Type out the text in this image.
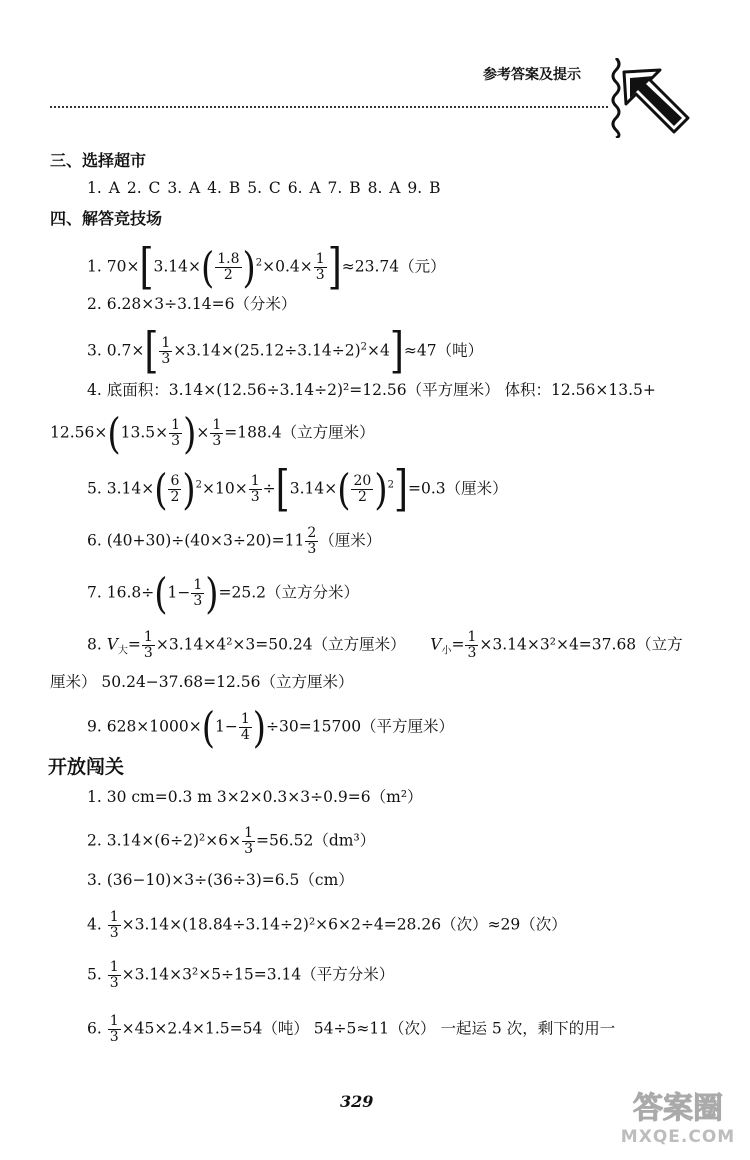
参考答案及提示
三、选择超市
1. A 2. C 3. A 4. B 5. C 6. A 7. B 8. A 9. B
四、解答竞技场
1. $70\times[3.14\times( \frac{1.8}{2} )^2\times 0.4\times \frac{1}{3} ]\approx 23.74$（元）
2. 6.28×3÷3.14=6（分米）
3. $0.7\times[ \frac{1}{3} \times 3.14\times(25.12\div 3.14\div 2)^2\times 4]\approx 47$（吨）
4. 底面积：3.14×(12.56÷3.14÷2)²=12.56（平方厘米） 体积：12.56×13.5+
$12.56\times(13.5\times \frac{1}{3}$ )× $\frac{1}{3} =188.4$（立方厘米）
5. $3.14\times( \frac{6}{2} )^2\times 10\times \frac{1}{3} \div[3.14\times( \frac{20}{2} )^2]=0.3$（厘米）
6. $(40+30)\div(40\times 3\div 20)=11 \frac{2}{3}$ （厘米）
7. $16.8\div(1- \frac{1}{3} )=25.2$（立方分米）
8. $V_大= \frac{1}{3} \times 3.14\times 4^2\times 3=50.24$（立方厘米） $V_小= \frac{1}{3} \times 3.14\times 3^2\times 4=37.68$（立方
厘米） 50.24−37.68=12.56（立方厘米）
9. $628\times 1000\times(1- \frac{1}{4} )\div 30=15700$（平方厘米）
开放闯关
1. 30 cm=0.3 m 3×2×0.3×3÷0.9=6（m²）
2. $3.14\times(6\div 2)^2\times 6\times \frac{1}{3} =56.52(dm^3)$
3. (36−10)×3÷(36÷3)=6.5（cm）
4. $\frac{1}{3} \times 3.14\times(18.84\div 3.14\div 2)^2\times 6\times 2\div 4=28.26$（次）≈29（次）
5. $\frac{1}{3} \times 3.14\times 3^2\times 5\div 15=3.14$（平方分米）
6. $\frac{1}{3} \times 45\times 2.4\times 1.5=54$（吨） 54÷5≈11（次） 一起运 5 次，剩下的用一
329	答案圈
MXQE.COM
